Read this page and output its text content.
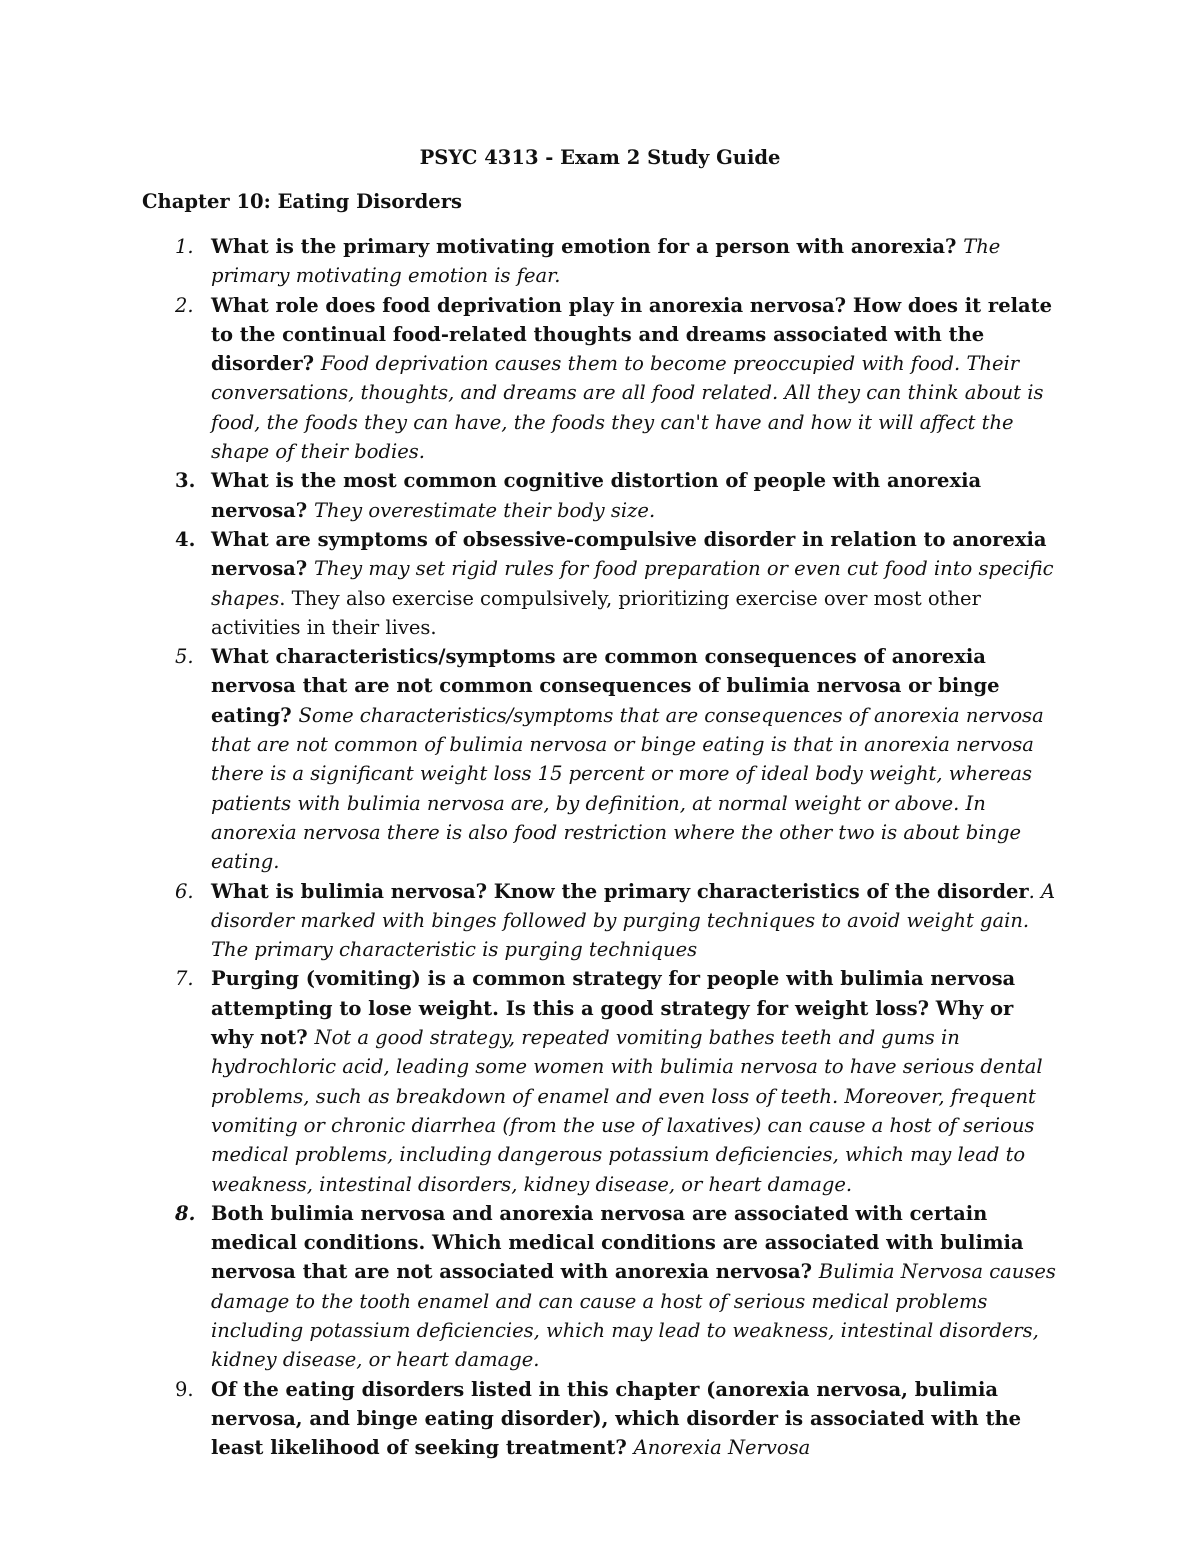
PSYC 4313 - Exam 2 Study Guide
Chapter 10: Eating Disorders
1. What is the primary motivating emotion for a person with anorexia? The primary motivating emotion is fear.
2. What role does food deprivation play in anorexia nervosa? How does it relate to the continual food-related thoughts and dreams associated with the disorder? Food deprivation causes them to become preoccupied with food. Their conversations, thoughts, and dreams are all food related. All they can think about is food, the foods they can have, the foods they can't have and how it will affect the shape of their bodies.
3. What is the most common cognitive distortion of people with anorexia nervosa? They overestimate their body size.
4. What are symptoms of obsessive-compulsive disorder in relation to anorexia nervosa? They may set rigid rules for food preparation or even cut food into specific shapes. They also exercise compulsively, prioritizing exercise over most other activities in their lives.
5. What characteristics/symptoms are common consequences of anorexia nervosa that are not common consequences of bulimia nervosa or binge eating? Some characteristics/symptoms that are consequences of anorexia nervosa that are not common of bulimia nervosa or binge eating is that in anorexia nervosa there is a significant weight loss 15 percent or more of ideal body weight, whereas patients with bulimia nervosa are, by definition, at normal weight or above. In anorexia nervosa there is also food restriction where the other two is about binge eating.
6. What is bulimia nervosa? Know the primary characteristics of the disorder. A disorder marked with binges followed by purging techniques to avoid weight gain. The primary characteristic is purging techniques
7. Purging (vomiting) is a common strategy for people with bulimia nervosa attempting to lose weight. Is this a good strategy for weight loss? Why or why not? Not a good strategy, repeated vomiting bathes teeth and gums in hydrochloric acid, leading some women with bulimia nervosa to have serious dental problems, such as breakdown of enamel and even loss of teeth. Moreover, frequent vomiting or chronic diarrhea (from the use of laxatives) can cause a host of serious medical problems, including dangerous potassium deficiencies, which may lead to weakness, intestinal disorders, kidney disease, or heart damage.
8. Both bulimia nervosa and anorexia nervosa are associated with certain medical conditions. Which medical conditions are associated with bulimia nervosa that are not associated with anorexia nervosa? Bulimia Nervosa causes damage to the tooth enamel and can cause a host of serious medical problems including potassium deficiencies, which may lead to weakness, intestinal disorders, kidney disease, or heart damage.
9. Of the eating disorders listed in this chapter (anorexia nervosa, bulimia nervosa, and binge eating disorder), which disorder is associated with the least likelihood of seeking treatment? Anorexia Nervosa
